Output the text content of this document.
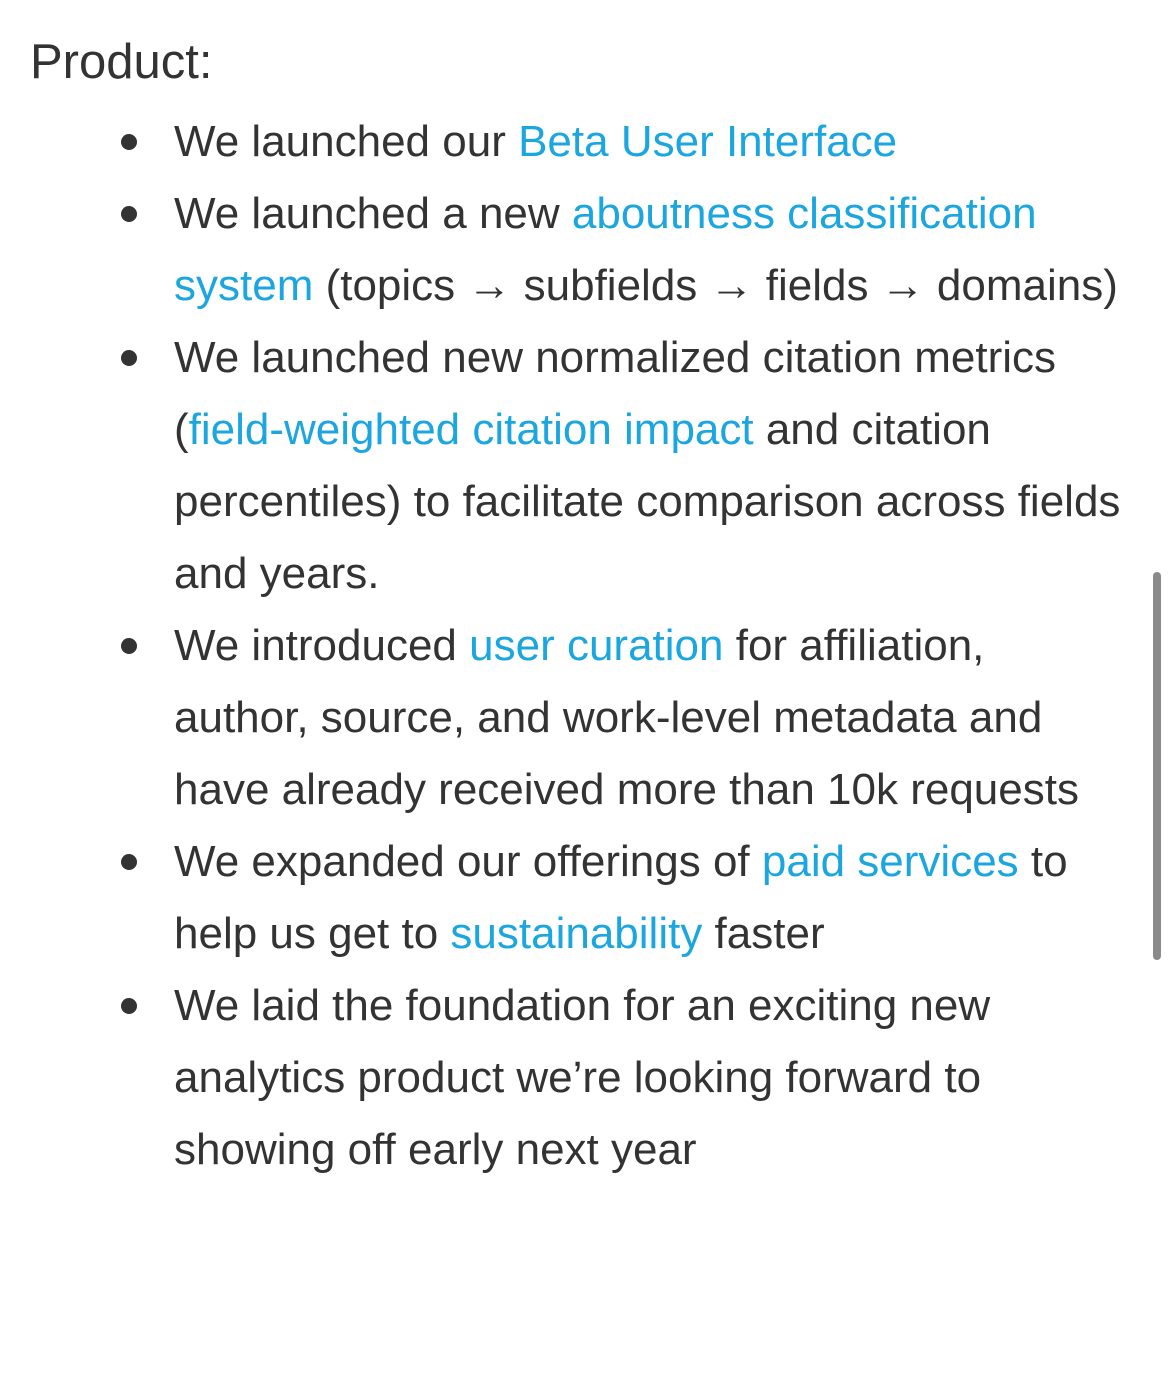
Product:
We launched our Beta User Interface
We launched a new aboutness classification system (topics → subfields → fields → domains)
We launched new normalized citation metrics (field-weighted citation impact and citation percentiles) to facilitate comparison across fields and years.
We introduced user curation for affiliation, author, source, and work-level metadata and have already received more than 10k requests
We expanded our offerings of paid services to help us get to sustainability faster
We laid the foundation for an exciting new analytics product we’re looking forward to showing off early next year
